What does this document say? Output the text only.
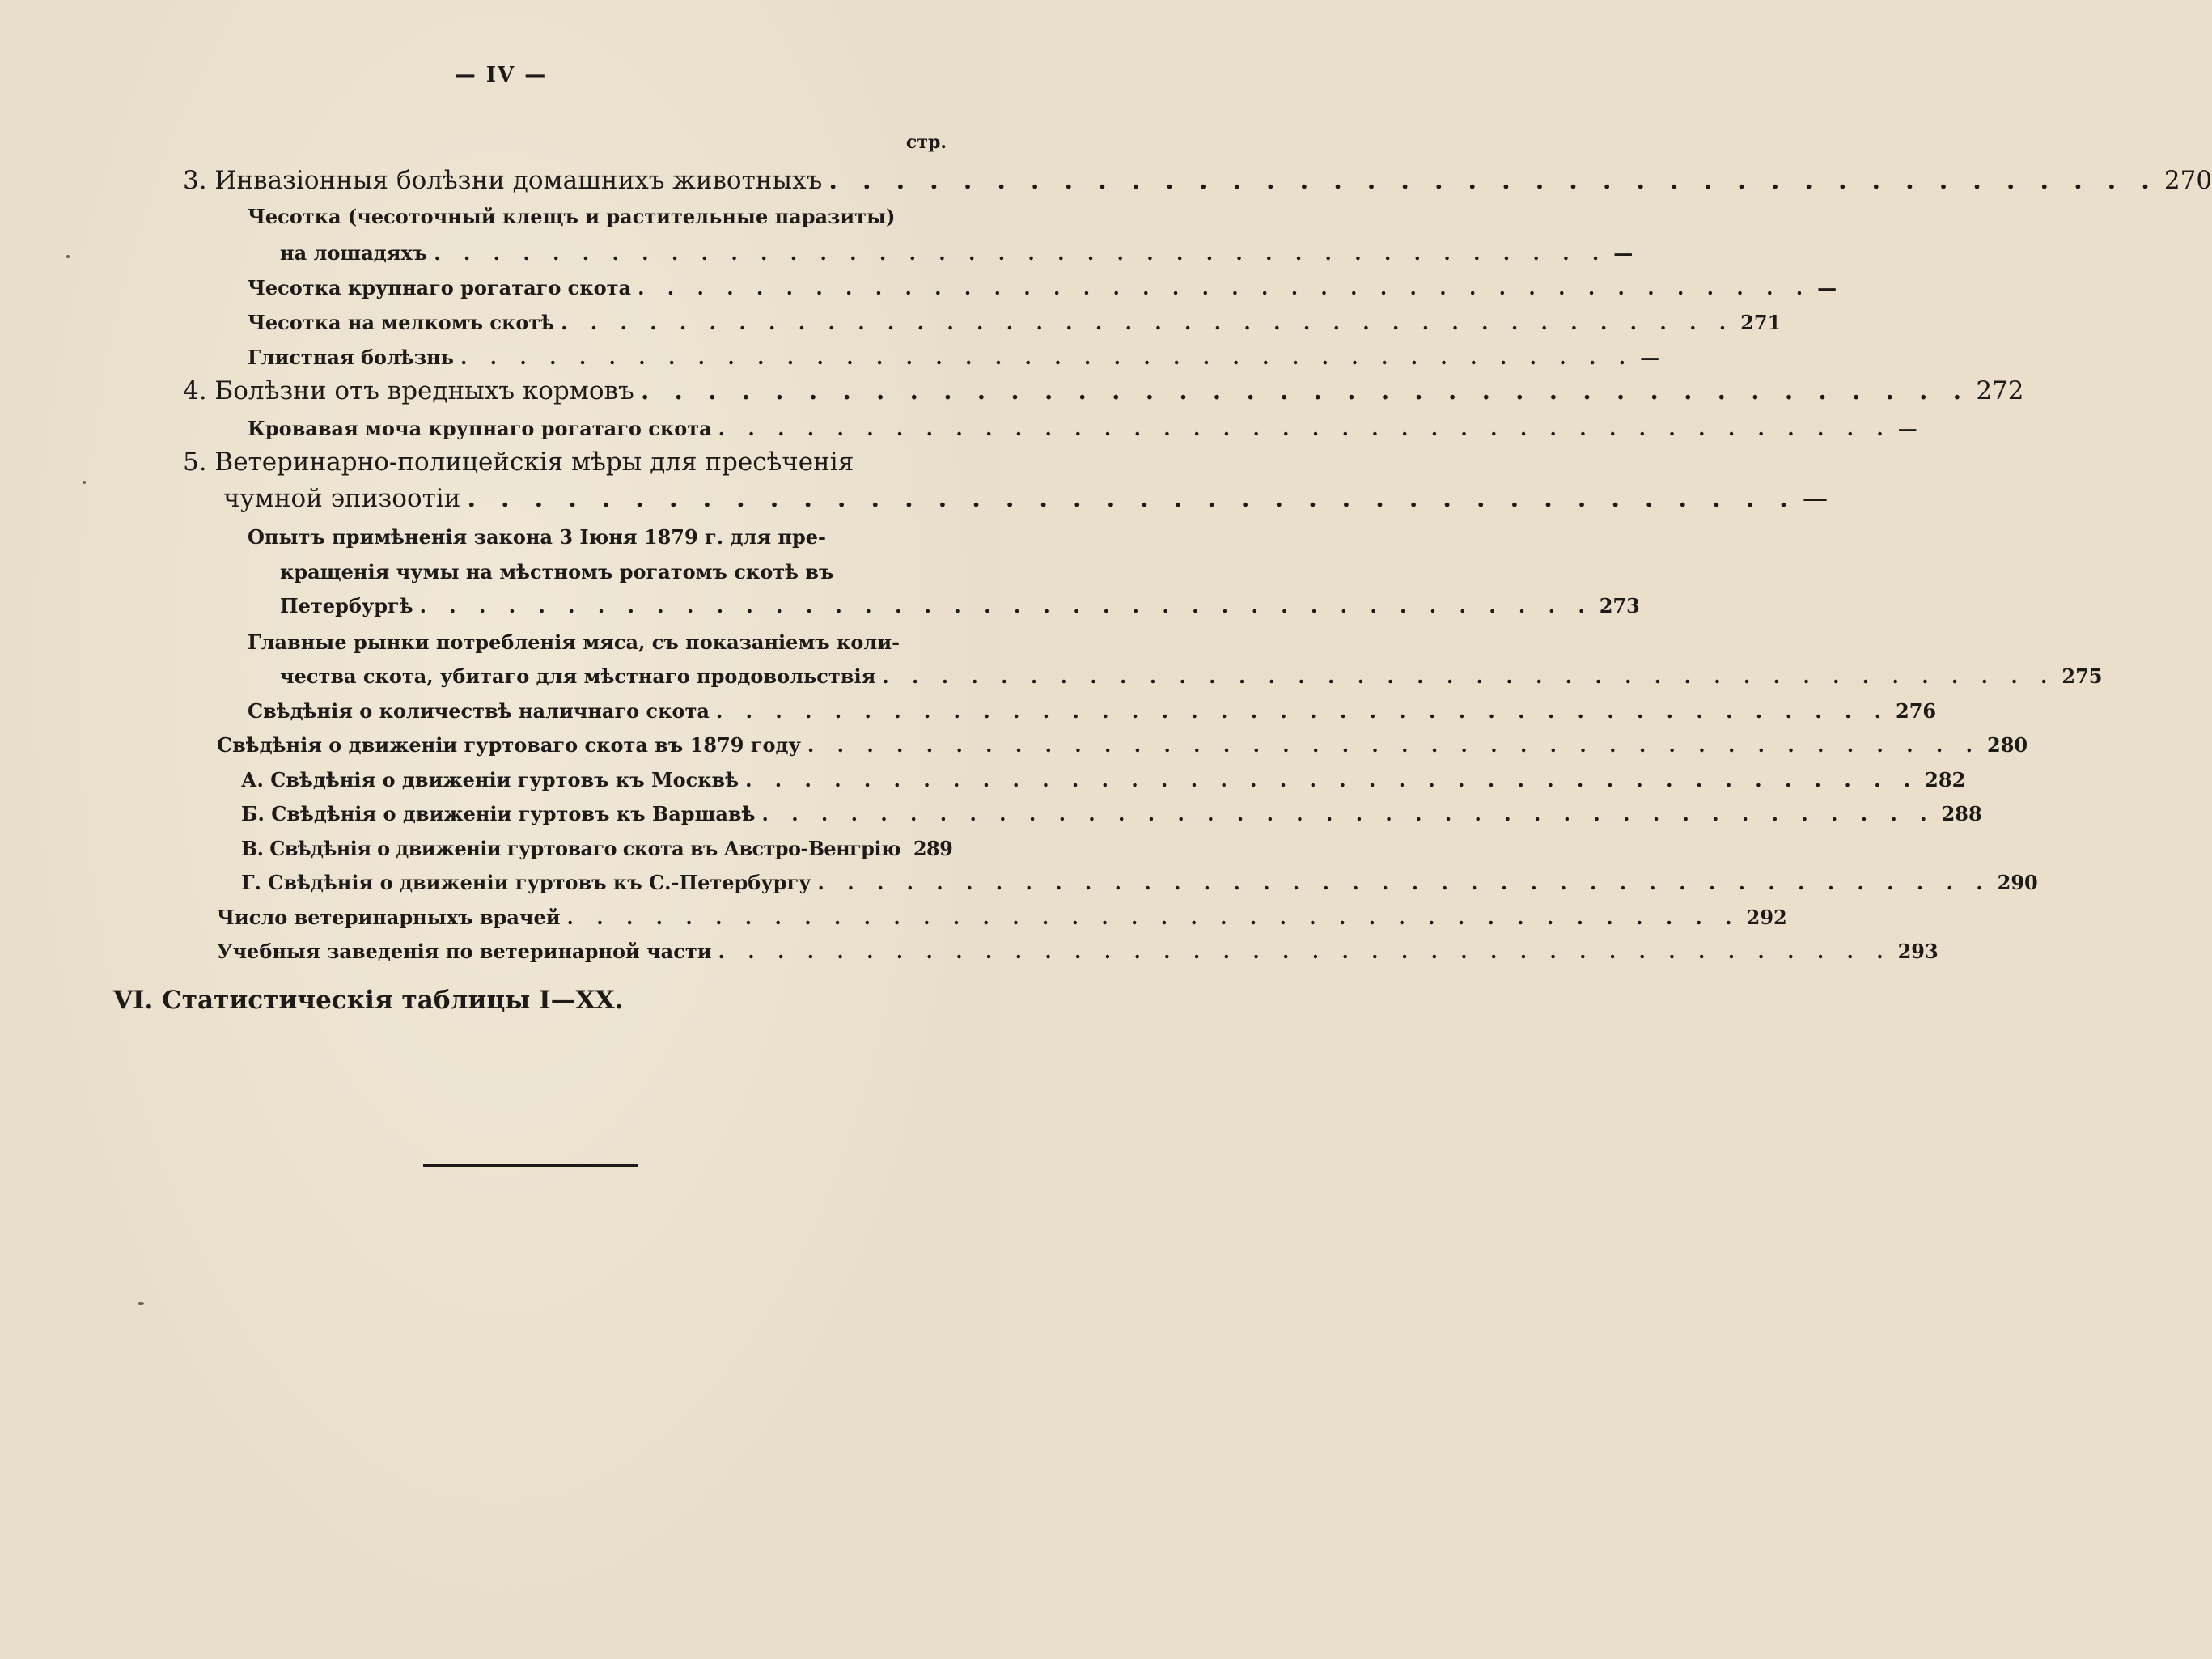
— IV —
стр.
3. Инвазіонныя болѣзни домашнихъ животныхъ . . . . . . . . . . . . . . . . . . . . . . . . . . . . . . . . . . . . . . . . 270
Чесотка (чесоточный клещъ и растительные паразиты)
на лошадяхъ . . . . . . . . . . . . . . . . . . . . . . . . . . . . . . . . . . . . . . . . —
Чесотка крупнаго рогатаго скота . . . . . . . . . . . . . . . . . . . . . . . . . . . . . . . . . . . . . . . . —
Чесотка на мелкомъ скотѣ . . . . . . . . . . . . . . . . . . . . . . . . . . . . . . . . . . . . . . . . 271
Глистная болѣзнь . . . . . . . . . . . . . . . . . . . . . . . . . . . . . . . . . . . . . . . . —
4. Болѣзни отъ вредныхъ кормовъ . . . . . . . . . . . . . . . . . . . . . . . . . . . . . . . . . . . . . . . . 272
Кровавая моча крупнаго рогатаго скота . . . . . . . . . . . . . . . . . . . . . . . . . . . . . . . . . . . . . . . . —
5. Ветеринарно-полицейскія мѣры для пресѣченія
чумной эпизоотіи . . . . . . . . . . . . . . . . . . . . . . . . . . . . . . . . . . . . . . . . —
Опытъ примѣненія закона 3 Іюня 1879 г. для пре-
кращенія чумы на мѣстномъ рогатомъ скотѣ въ
Петербургѣ . . . . . . . . . . . . . . . . . . . . . . . . . . . . . . . . . . . . . . . . 273
Главные рынки потребленія мяса, съ показаніемъ коли-
чества скота, убитаго для мѣстнаго продовольствія . . . . . . . . . . . . . . . . . . . . . . . . . . . . . . . . . . . . . . . . 275
Свѣдѣнія о количествѣ наличнаго скота . . . . . . . . . . . . . . . . . . . . . . . . . . . . . . . . . . . . . . . . 276
Свѣдѣнія о движеніи гуртоваго скота въ 1879 году . . . . . . . . . . . . . . . . . . . . . . . . . . . . . . . . . . . . . . . . 280
А. Свѣдѣнія о движеніи гуртовъ къ Москвѣ . . . . . . . . . . . . . . . . . . . . . . . . . . . . . . . . . . . . . . . . 282
Б. Свѣдѣнія о движеніи гуртовъ къ Варшавѣ . . . . . . . . . . . . . . . . . . . . . . . . . . . . . . . . . . . . . . . . 288
В. Свѣдѣнія о движеніи гуртоваго скота въ Австро-Венгрію 289
Г. Свѣдѣнія о движеніи гуртовъ къ С.-Петербургу . . . . . . . . . . . . . . . . . . . . . . . . . . . . . . . . . . . . . . . . 290
Число ветеринарныхъ врачей . . . . . . . . . . . . . . . . . . . . . . . . . . . . . . . . . . . . . . . . 292
Учебныя заведенія по ветеринарной части . . . . . . . . . . . . . . . . . . . . . . . . . . . . . . . . . . . . . . . . 293
VI. Статистическія таблицы I—XX.
